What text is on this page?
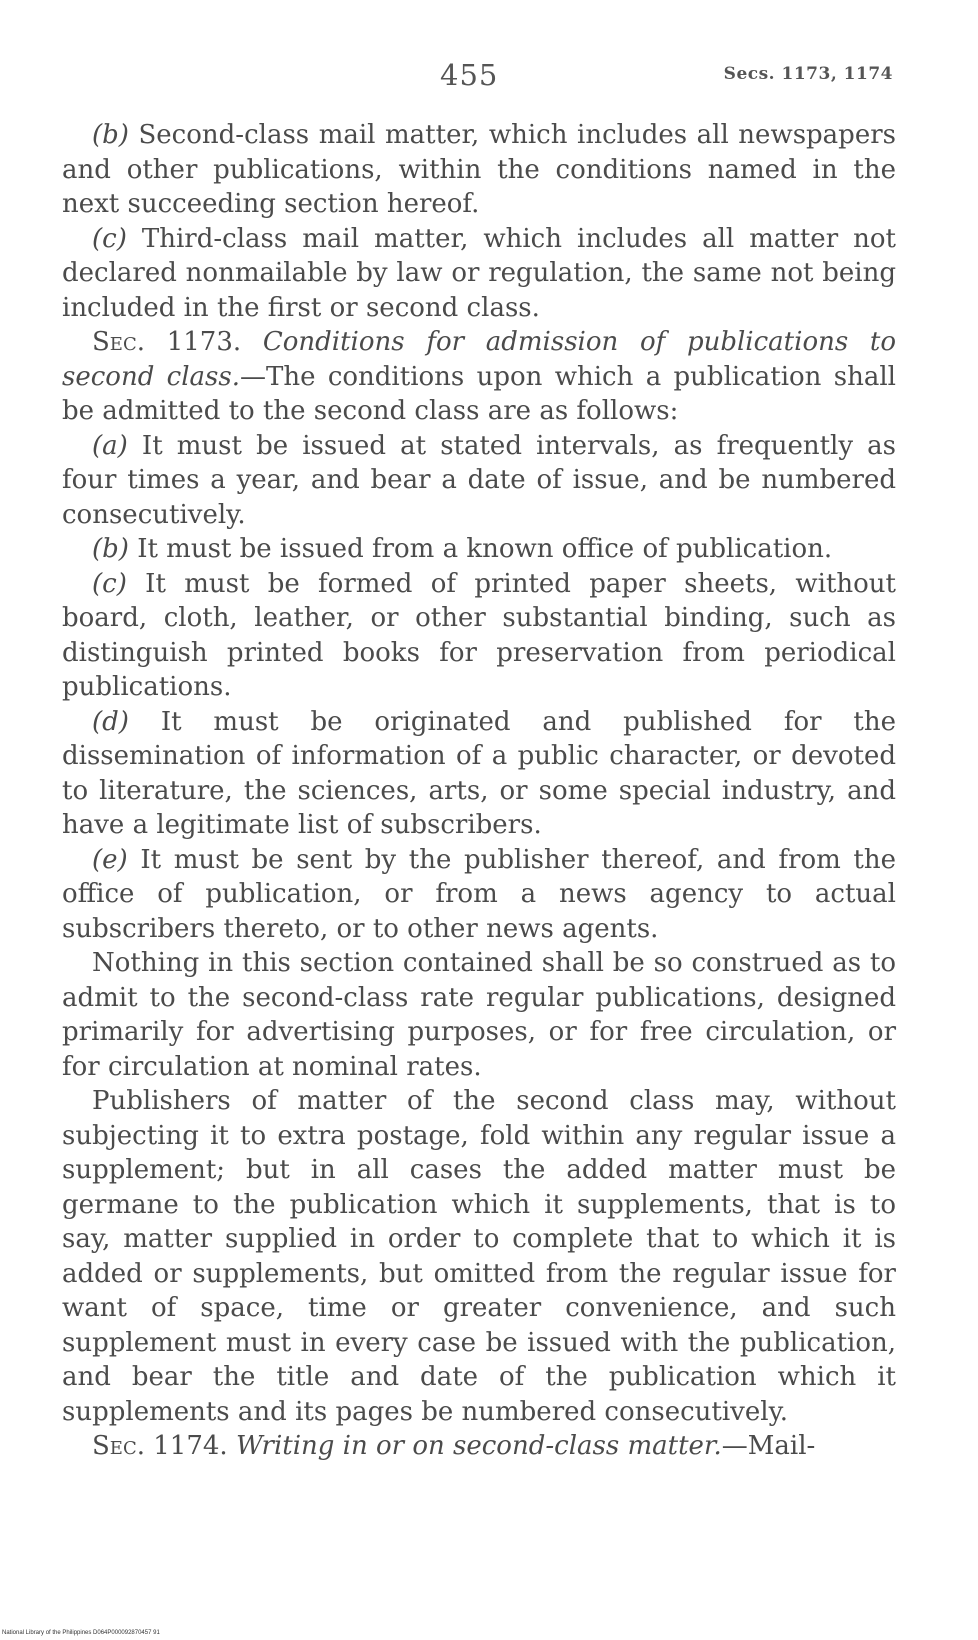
455	Secs. 1173, 1174

(b) Second-class mail matter, which includes all newspapers and other publications, within the conditions named in the next succeeding section hereof.

(c) Third-class mail matter, which includes all matter not declared nonmailable by law or regulation, the same not being included in the first or second class.

Sec. 1173. Conditions for admission of publications to second class.—The conditions upon which a publication shall be admitted to the second class are as follows:

(a) It must be issued at stated intervals, as frequently as four times a year, and bear a date of issue, and be numbered consecutively.

(b) It must be issued from a known office of publication.

(c) It must be formed of printed paper sheets, without board, cloth, leather, or other substantial binding, such as distinguish printed books for preservation from periodical publications.

(d) It must be originated and published for the dissemination of information of a public character, or devoted to literature, the sciences, arts, or some special industry, and have a legitimate list of subscribers.

(e) It must be sent by the publisher thereof, and from the office of publication, or from a news agency to actual subscribers thereto, or to other news agents.

Nothing in this section contained shall be so construed as to admit to the second-class rate regular publications, designed primarily for advertising purposes, or for free circulation, or for circulation at nominal rates.

Publishers of matter of the second class may, without subjecting it to extra postage, fold within any regular issue a supplement; but in all cases the added matter must be germane to the publication which it supplements, that is to say, matter supplied in order to complete that to which it is added or supplements, but omitted from the regular issue for want of space, time or greater convenience, and such supplement must in every case be issued with the publication, and bear the title and date of the publication which it supplements and its pages be numbered consecutively.

Sec. 1174. Writing in or on second-class matter.—Mail-

National Library of the Philippines D064P000092870457 91
